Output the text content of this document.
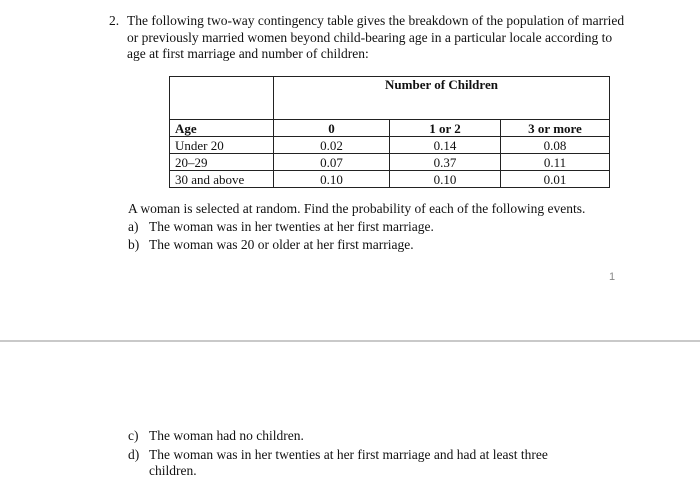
2. The following two-way contingency table gives the breakdown of the population of married or previously married women beyond child-bearing age in a particular locale according to age at first marriage and number of children:
	Number of Children		

Age	0	1 or 2	3 or more
Under 20	0.02	0.14	0.08
20–29	0.07	0.37	0.11
30 and above	0.10	0.10	0.01
A woman is selected at random. Find the probability of each of the following events.
a) The woman was in her twenties at her first marriage.
b) The woman was 20 or older at her first marriage.
1
c) The woman had no children.
d) The woman was in her twenties at her first marriage and had at least three children.
